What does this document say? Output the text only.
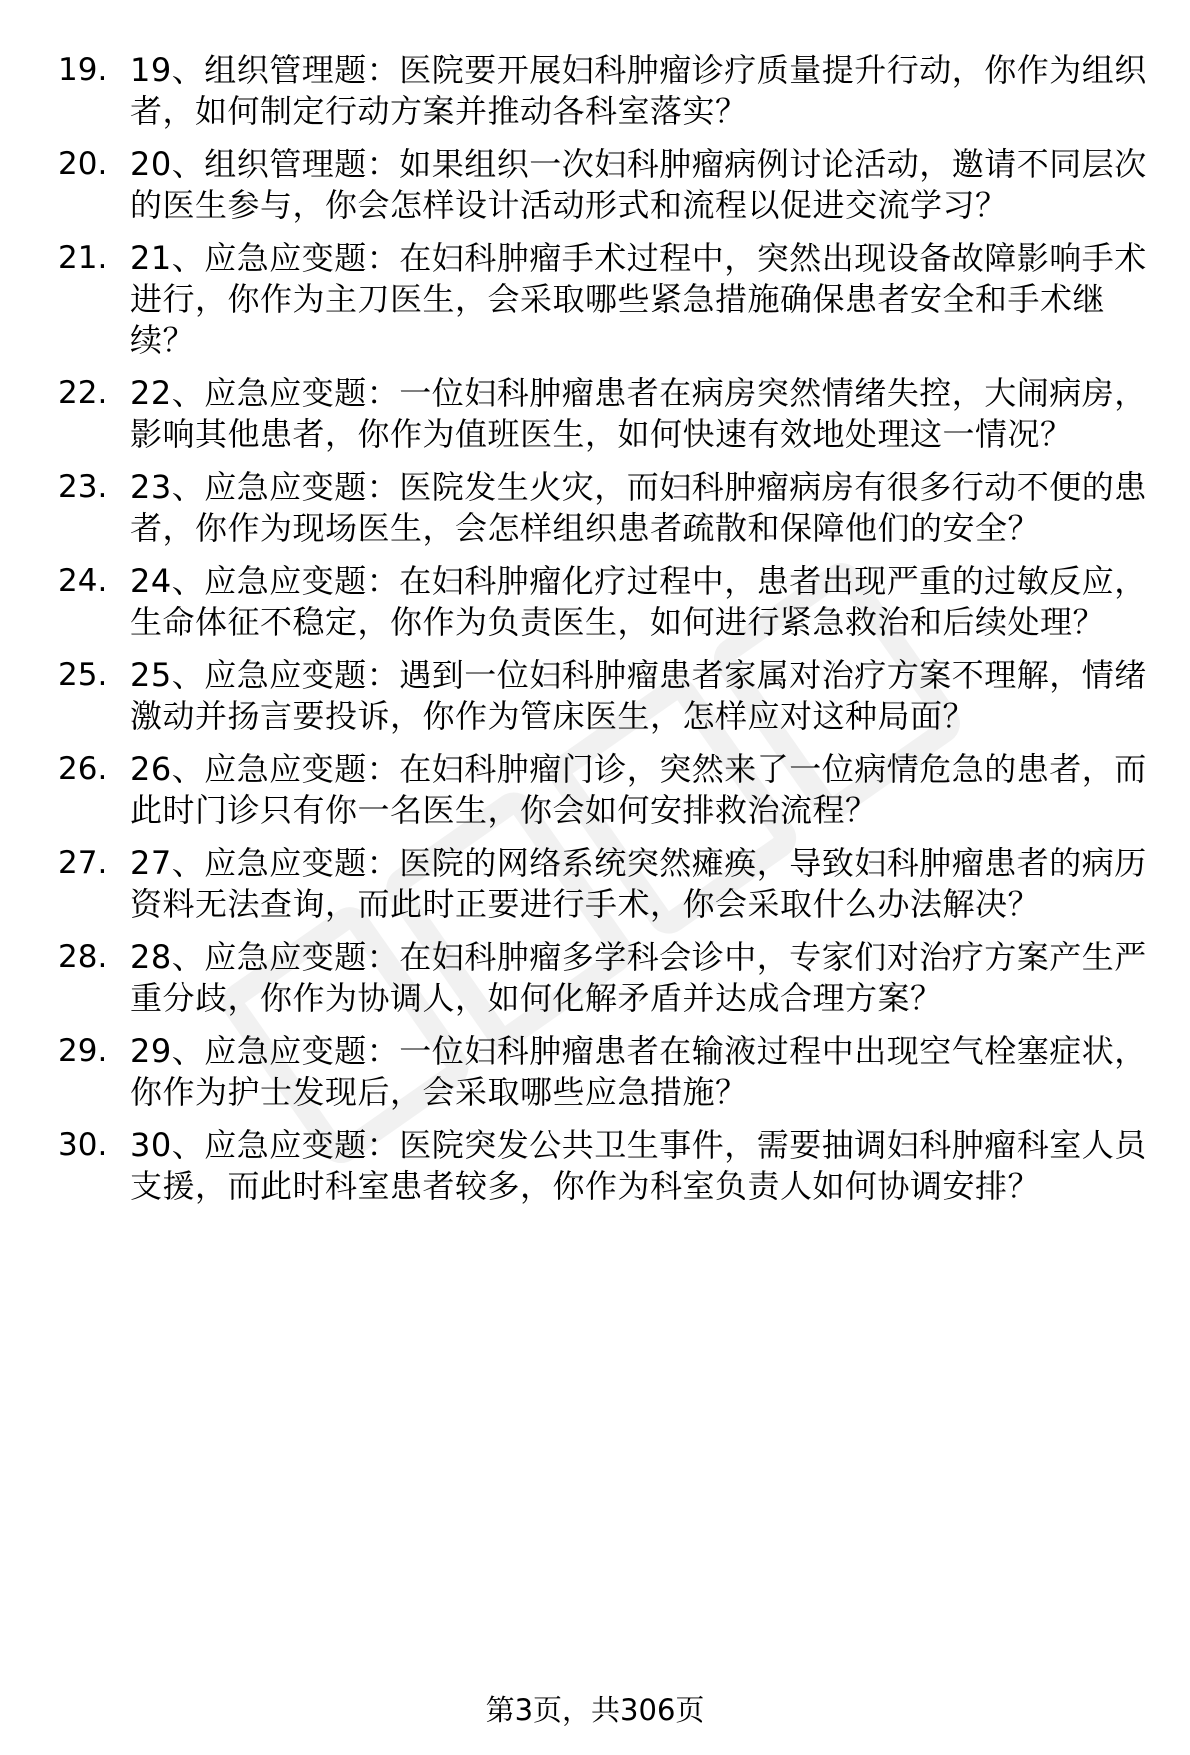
19. 19、组织管理题：医院要开展妇科肿瘤诊疗质量提升行动，你作为组织者，如何制定行动方案并推动各科室落实？
20. 20、组织管理题：如果组织一次妇科肿瘤病例讨论活动，邀请不同层次的医生参与，你会怎样设计活动形式和流程以促进交流学习？
21. 21、应急应变题：在妇科肿瘤手术过程中，突然出现设备故障影响手术进行，你作为主刀医生，会采取哪些紧急措施确保患者安全和手术继续？
22. 22、应急应变题：一位妇科肿瘤患者在病房突然情绪失控，大闹病房，影响其他患者，你作为值班医生，如何快速有效地处理这一情况？
23. 23、应急应变题：医院发生火灾，而妇科肿瘤病房有很多行动不便的患者，你作为现场医生，会怎样组织患者疏散和保障他们的安全？
24. 24、应急应变题：在妇科肿瘤化疗过程中，患者出现严重的过敏反应，生命体征不稳定，你作为负责医生，如何进行紧急救治和后续处理？
25. 25、应急应变题：遇到一位妇科肿瘤患者家属对治疗方案不理解，情绪激动并扬言要投诉，你作为管床医生，怎样应对这种局面？
26. 26、应急应变题：在妇科肿瘤门诊，突然来了一位病情危急的患者，而此时门诊只有你一名医生，你会如何安排救治流程？
27. 27、应急应变题：医院的网络系统突然瘫痪，导致妇科肿瘤患者的病历资料无法查询，而此时正要进行手术，你会采取什么办法解决？
28. 28、应急应变题：在妇科肿瘤多学科会诊中，专家们对治疗方案产生严重分歧，你作为协调人，如何化解矛盾并达成合理方案？
29. 29、应急应变题：一位妇科肿瘤患者在输液过程中出现空气栓塞症状，你作为护士发现后，会采取哪些应急措施？
30. 30、应急应变题：医院突发公共卫生事件，需要抽调妇科肿瘤科室人员支援，而此时科室患者较多，你作为科室负责人如何协调安排？
第3页，共306页
